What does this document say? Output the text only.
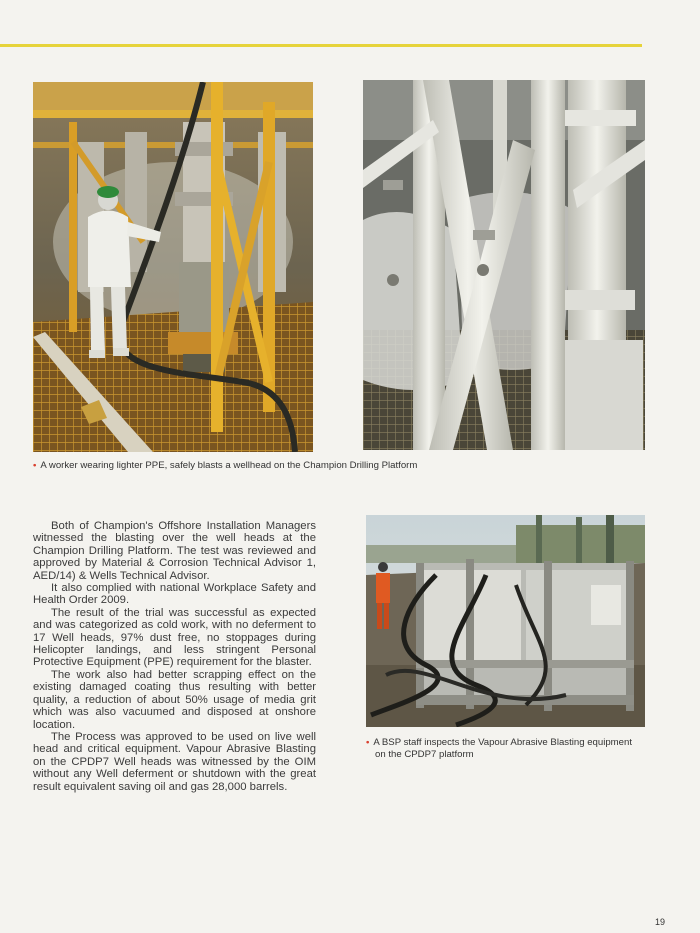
• A worker wearing lighter PPE, safely blasts a wellhead on the Champion Drilling Platform
• A BSP staff inspects the Vapour Abrasive Blasting equipment
on the CPDP7 platform

Both of Champion's Offshore Installation Managers witnessed the blasting over the well heads at the Champion Drilling Platform. The test was reviewed and approved by Material & Corrosion Technical Advisor 1, AED/14) & Wells Technical Advisor.

It also complied with national Workplace Safety and Health Order 2009.

The result of the trial was successful as expected and was categorized as cold work, with no deferment to 17 Well heads, 97% dust free, no stoppages during Helicopter landings, and less stringent Personal Protective Equipment (PPE) requirement for the blaster.

The work also had better scrapping effect on the existing damaged coating thus resulting with better quality, a reduction of about 50% usage of media grit which was also vacuumed and disposed at onshore location.

The Process was approved to be used on live well head and critical equipment. Vapour Abrasive Blasting on the CPDP7 Well heads was witnessed by the OIM without any Well deferment or shutdown with the great result equivalent saving oil and gas 28,000 barrels.

19
